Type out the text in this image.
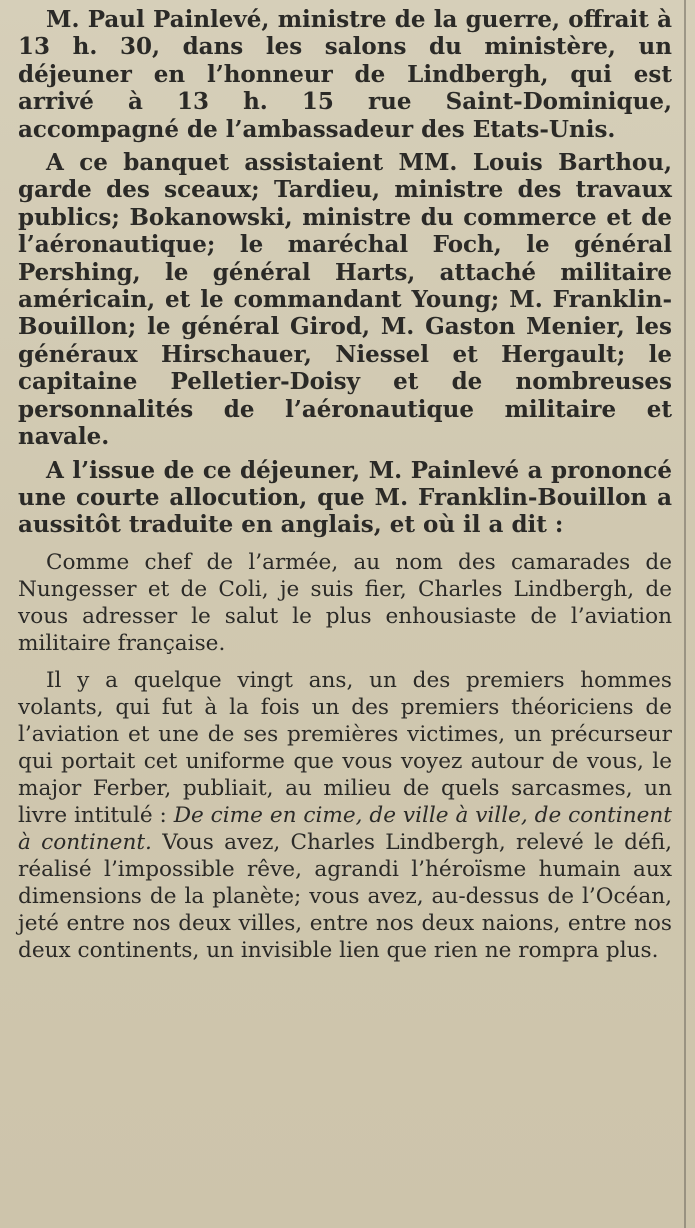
M. Paul Painlevé, ministre de la guerre, offrait à 13 h. 30, dans les salons du ministère, un déjeuner en l’honneur de Lindbergh, qui est arrivé à 13 h. 15 rue Saint-Dominique, accompagné de l’ambassadeur des Etats-Unis.

A ce banquet assistaient MM. Louis Barthou, garde des sceaux; Tardieu, ministre des travaux publics; Bokanowski, ministre du commerce et de l’aéronautique; le maréchal Foch, le général Pershing, le général Harts, attaché militaire américain, et le commandant Young; M. Franklin-Bouillon; le général Girod, M. Gaston Menier, les généraux Hirschauer, Niessel et Hergault; le capitaine Pelletier-Doisy et de nombreuses personnalités de l’aéronautique militaire et navale.

A l’issue de ce déjeuner, M. Painlevé a prononcé une courte allocution, que M. Franklin-Bouillon a aussitôt traduite en anglais, et où il a dit :

Comme chef de l’armée, au nom des camarades de Nungesser et de Coli, je suis fier, Charles Lindbergh, de vous adresser le salut le plus enhousiaste de l’aviation militaire française.

Il y a quelque vingt ans, un des premiers hommes volants, qui fut à la fois un des premiers théoriciens de l’aviation et une de ses premières victimes, un précurseur qui portait cet uniforme que vous voyez autour de vous, le major Ferber, publiait, au milieu de quels sarcasmes, un livre intitulé : De cime en cime, de ville à ville, de continent à continent. Vous avez, Charles Lindbergh, relevé le défi, réalisé l’impossible rêve, agrandi l’héroïsme humain aux dimensions de la planète; vous avez, au-dessus de l’Océan, jeté entre nos deux villes, entre nos deux naions, entre nos deux continents, un invisible lien que rien ne rompra plus.
